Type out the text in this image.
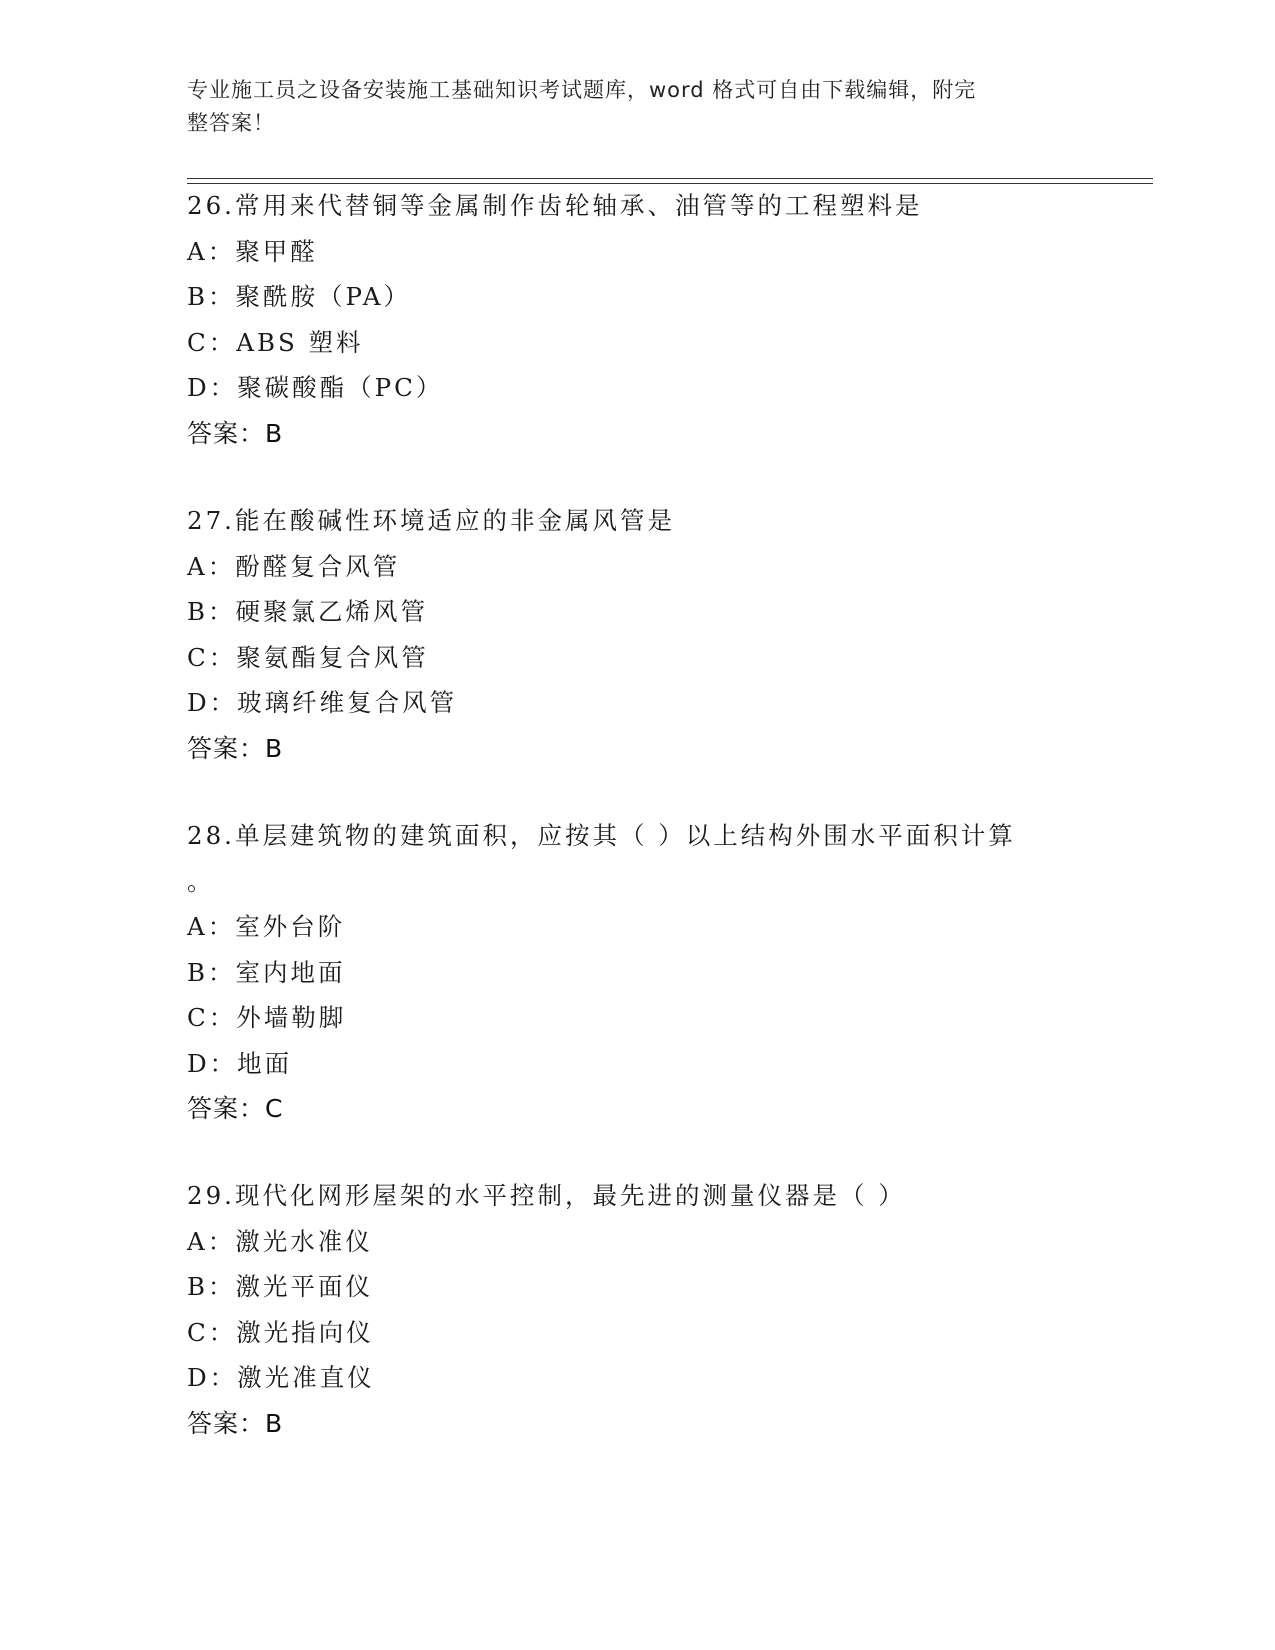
专业施工员之设备安装施工基础知识考试题库，word 格式可自由下载编辑，附完
整答案！
26.常用来代替铜等金属制作齿轮轴承、油管等的工程塑料是
A：聚甲醛
B：聚酰胺（PA）
C：ABS 塑料
D：聚碳酸酯（PC）
答案：B
27.能在酸碱性环境适应的非金属风管是
A：酚醛复合风管
B：硬聚氯乙烯风管
C：聚氨酯复合风管
D：玻璃纤维复合风管
答案：B
28.单层建筑物的建筑面积，应按其（ ）以上结构外围水平面积计算
。
A：室外台阶
B：室内地面
C：外墙勒脚
D：地面
答案：C
29.现代化网形屋架的水平控制，最先进的测量仪器是（ ）
A：激光水准仪
B：激光平面仪
C：激光指向仪
D：激光准直仪
答案：B
